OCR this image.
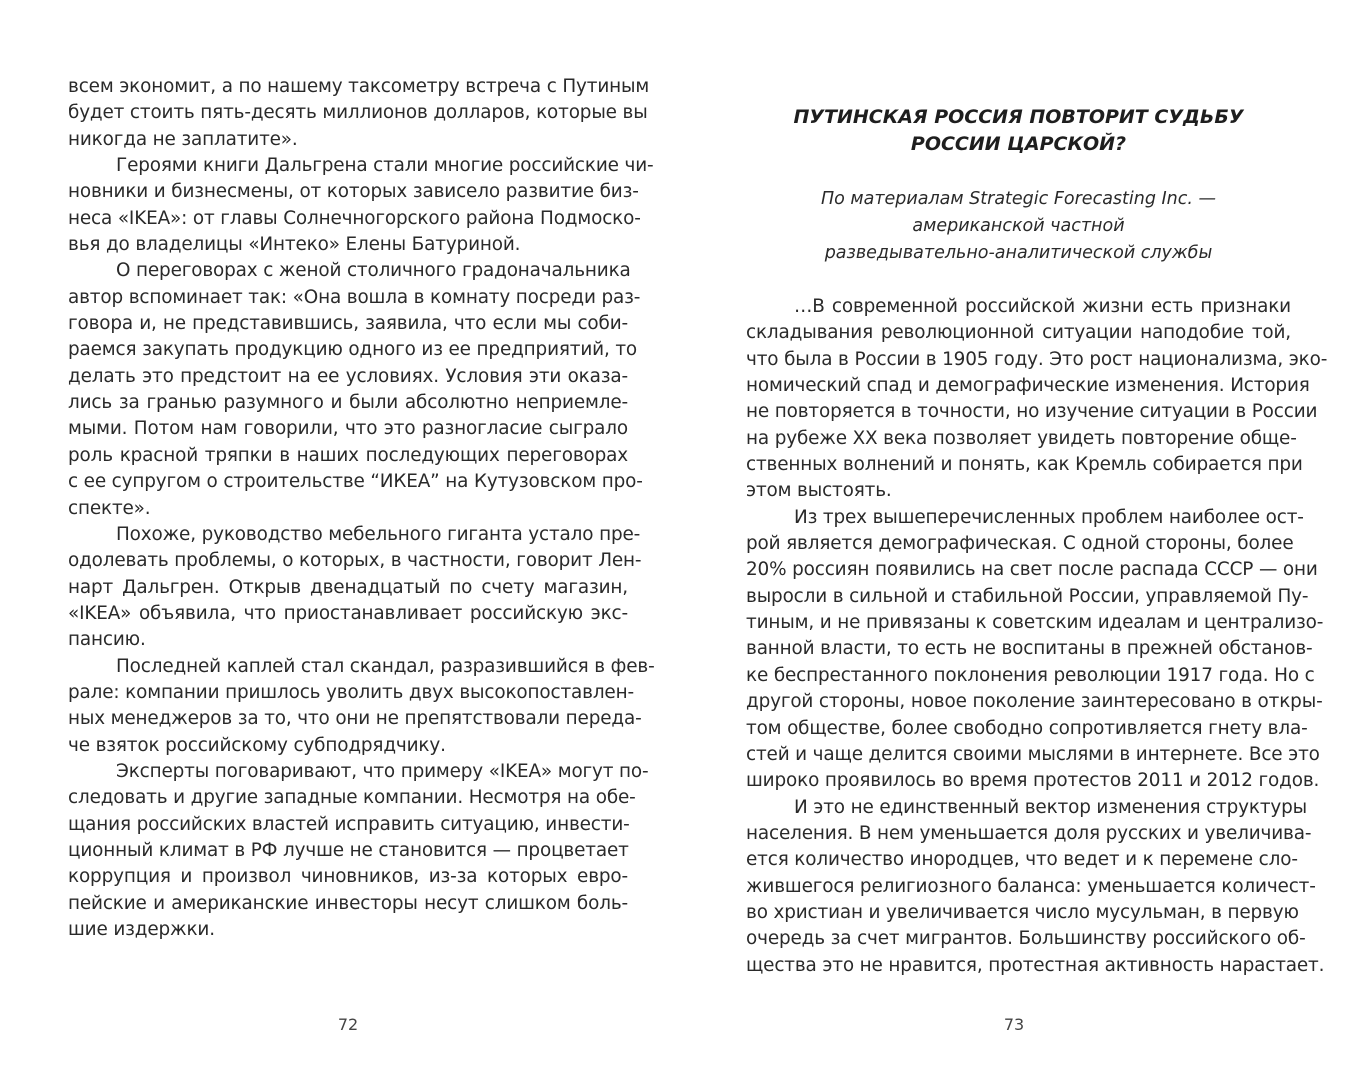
всем экономит, а по нашему таксометру встреча с Путиным
будет стоить пять-десять миллионов долларов, которые вы
никогда не заплатите».
Героями книги Дальгрена стали многие российские чи-
новники и бизнесмены, от которых зависело развитие биз-
неса «IKEA»: от главы Солнечногорского района Подмоско-
вья до владелицы «Интеко» Елены Батуриной.
О переговорах с женой столичного градоначальника
автор вспоминает так: «Она вошла в комнату посреди раз-
говора и, не представившись, заявила, что если мы соби-
раемся закупать продукцию одного из ее предприятий, то
делать это предстоит на ее условиях. Условия эти оказа-
лись за гранью разумного и были абсолютно неприемле-
мыми. Потом нам говорили, что это разногласие сыграло
роль красной тряпки в наших последующих переговорах
с ее супругом о строительстве “ИКЕА” на Кутузовском про-
спекте».
Похоже, руководство мебельного гиганта устало пре-
одолевать проблемы, о которых, в частности, говорит Лен-
нарт Дальгрен. Открыв двенадцатый по счету магазин,
«IKEA» объявила, что приостанавливает российскую экс-
пансию.
Последней каплей стал скандал, разразившийся в фев-
рале: компании пришлось уволить двух высокопоставлен-
ных менеджеров за то, что они не препятствовали переда-
че взяток российскому субподрядчику.
Эксперты поговаривают, что примеру «IKEA» могут по-
следовать и другие западные компании. Несмотря на обе-
щания российских властей исправить ситуацию, инвести-
ционный климат в РФ лучше не становится — процветает
коррупция и произвол чиновников, из-за которых евро-
пейские и американские инвесторы несут слишком боль-
шие издержки.
72
ПУТИНСКАЯ РОССИЯ ПОВТОРИТ СУДЬБУ
РОССИИ ЦАРСКОЙ?
По материалам Strategic Forecasting Inc. —
американской частной
разведывательно-аналитической службы
…В современной российской жизни есть признаки
складывания революционной ситуации наподобие той,
что была в России в 1905 году. Это рост национализма, эко-
номический спад и демографические изменения. История
не повторяется в точности, но изучение ситуации в России
на рубеже XX века позволяет увидеть повторение обще-
ственных волнений и понять, как Кремль собирается при
этом выстоять.
Из трех вышеперечисленных проблем наиболее ост-
рой является демографическая. С одной стороны, более
20% россиян появились на свет после распада СССР — они
выросли в сильной и стабильной России, управляемой Пу-
тиным, и не привязаны к советским идеалам и централизо-
ванной власти, то есть не воспитаны в прежней обстанов-
ке беспрестанного поклонения революции 1917 года. Но с
другой стороны, новое поколение заинтересовано в откры-
том обществе, более свободно сопротивляется гнету вла-
стей и чаще делится своими мыслями в интернете. Все это
широко проявилось во время протестов 2011 и 2012 годов.
И это не единственный вектор изменения структуры
населения. В нем уменьшается доля русских и увеличива-
ется количество инородцев, что ведет и к перемене сло-
жившегося религиозного баланса: уменьшается количест-
во христиан и увеличивается число мусульман, в первую
очередь за счет мигрантов. Большинству российского об-
щества это не нравится, протестная активность нарастает.
73
